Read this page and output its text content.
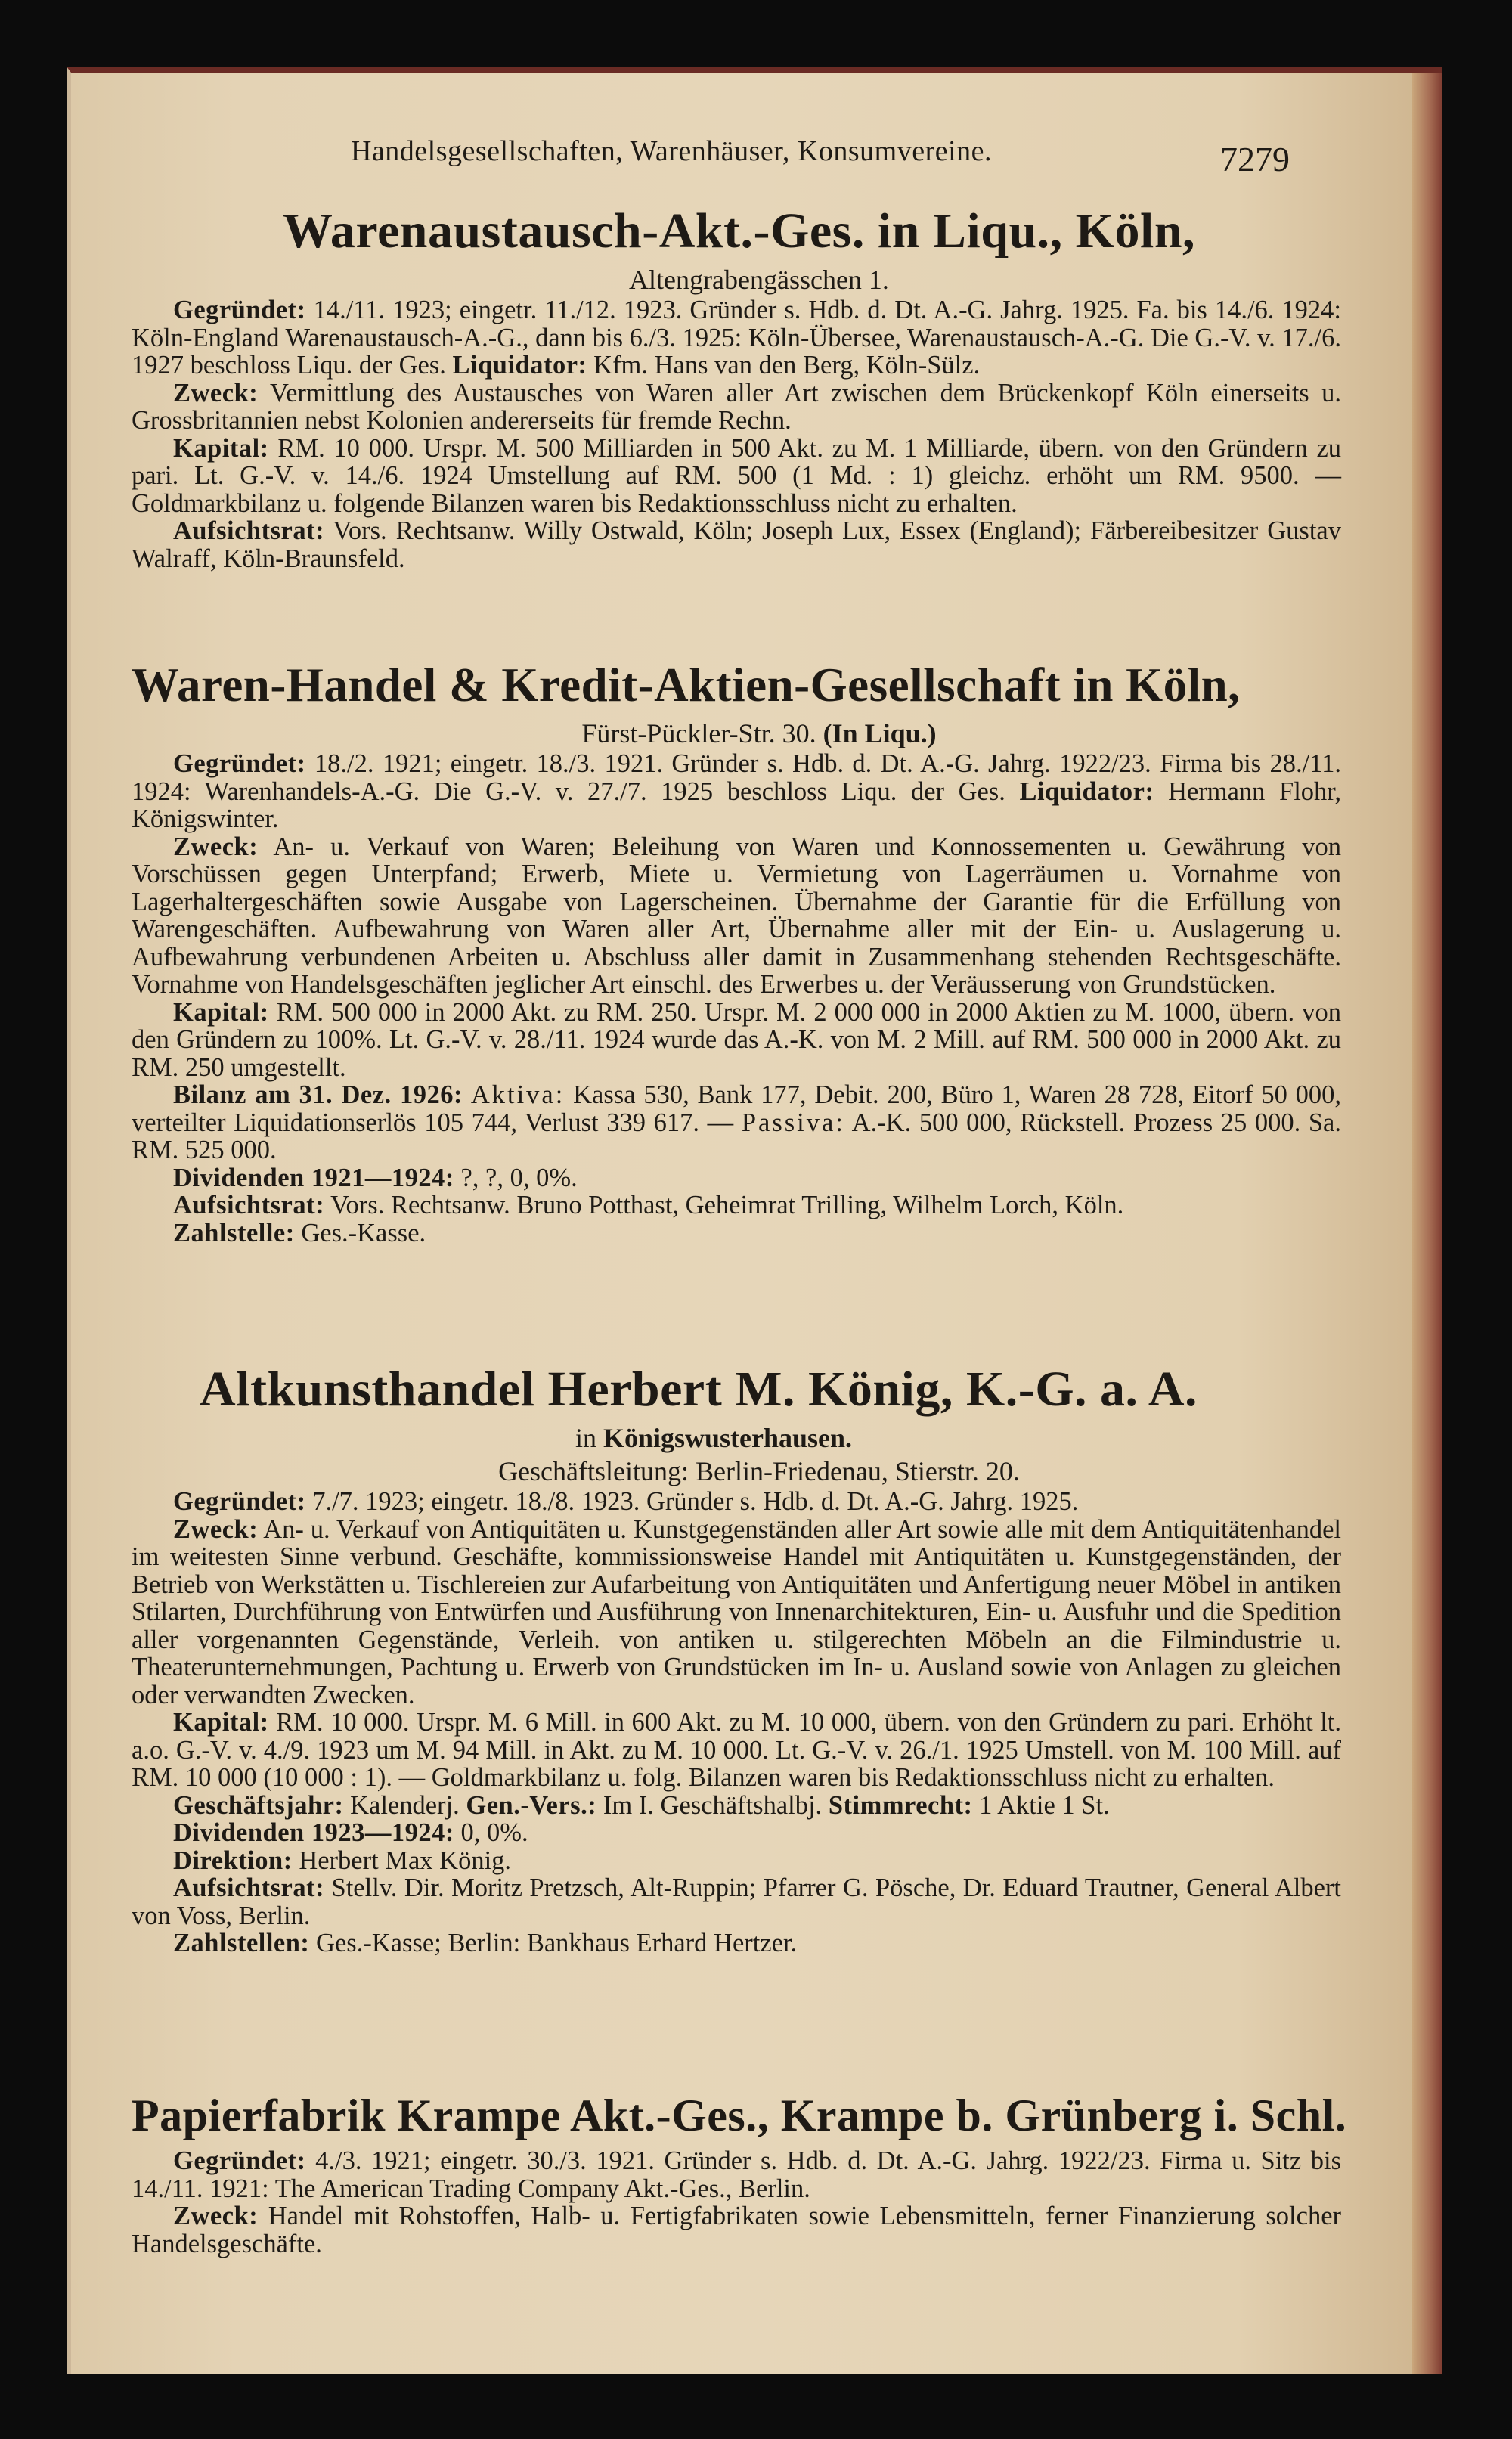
Handelsgesellschaften, Warenhäuser, Konsumvereine.	7279
Warenaustausch-Akt.-Ges. in Liqu., Köln,
Altengrabengässchen 1.

Gegründet: 14./11. 1923; eingetr. 11./12. 1923. Gründer s. Hdb. d. Dt. A.-G. Jahrg. 1925. Fa. bis 14./6. 1924: Köln-England Warenaustausch-A.-G., dann bis 6./3. 1925: Köln-Übersee, Warenaustausch-A.-G. Die G.-V. v. 17./6. 1927 beschloss Liqu. der Ges. Liquidator: Kfm. Hans van den Berg, Köln-Sülz.

Zweck: Vermittlung des Austausches von Waren aller Art zwischen dem Brückenkopf Köln einerseits u. Grossbritannien nebst Kolonien andererseits für fremde Rechn.

Kapital: RM. 10 000. Urspr. M. 500 Milliarden in 500 Akt. zu M. 1 Milliarde, übern. von den Gründern zu pari. Lt. G.-V. v. 14./6. 1924 Umstellung auf RM. 500 (1 Md. : 1) gleichz. erhöht um RM. 9500. — Goldmarkbilanz u. folgende Bilanzen waren bis Redaktionsschluss nicht zu erhalten.

Aufsichtsrat: Vors. Rechtsanw. Willy Ostwald, Köln; Joseph Lux, Essex (England); Färbereibesitzer Gustav Walraff, Köln-Braunsfeld.

Waren-Handel & Kredit-Aktien-Gesellschaft in Köln,
Fürst-Pückler-Str. 30. (In Liqu.)

Gegründet: 18./2. 1921; eingetr. 18./3. 1921. Gründer s. Hdb. d. Dt. A.-G. Jahrg. 1922/23. Firma bis 28./11. 1924: Warenhandels-A.-G. Die G.-V. v. 27./7. 1925 beschloss Liqu. der Ges. Liquidator: Hermann Flohr, Königswinter.

Zweck: An- u. Verkauf von Waren; Beleihung von Waren und Konnossementen u. Gewährung von Vorschüssen gegen Unterpfand; Erwerb, Miete u. Vermietung von Lagerräumen u. Vornahme von Lagerhaltergeschäften sowie Ausgabe von Lagerscheinen. Übernahme der Garantie für die Erfüllung von Warengeschäften. Aufbewahrung von Waren aller Art, Übernahme aller mit der Ein- u. Auslagerung u. Aufbewahrung verbundenen Arbeiten u. Abschluss aller damit in Zusammenhang stehenden Rechtsgeschäfte. Vornahme von Handelsgeschäften jeglicher Art einschl. des Erwerbes u. der Veräusserung von Grundstücken.

Kapital: RM. 500 000 in 2000 Akt. zu RM. 250. Urspr. M. 2 000 000 in 2000 Aktien zu M. 1000, übern. von den Gründern zu 100%. Lt. G.-V. v. 28./11. 1924 wurde das A.-K. von M. 2 Mill. auf RM. 500 000 in 2000 Akt. zu RM. 250 umgestellt.

Bilanz am 31. Dez. 1926: Aktiva: Kassa 530, Bank 177, Debit. 200, Büro 1, Waren 28 728, Eitorf 50 000, verteilter Liquidationserlös 105 744, Verlust 339 617. — Passiva: A.-K. 500 000, Rückstell. Prozess 25 000. Sa. RM. 525 000.

Dividenden 1921—1924: ?, ?, 0, 0%.

Aufsichtsrat: Vors. Rechtsanw. Bruno Potthast, Geheimrat Trilling, Wilhelm Lorch, Köln.

Zahlstelle: Ges.-Kasse.

Altkunsthandel Herbert M. König, K.-G. a. A.
in Königswusterhausen.
Geschäftsleitung: Berlin-Friedenau, Stierstr. 20.

Gegründet: 7./7. 1923; eingetr. 18./8. 1923. Gründer s. Hdb. d. Dt. A.-G. Jahrg. 1925.

Zweck: An- u. Verkauf von Antiquitäten u. Kunstgegenständen aller Art sowie alle mit dem Antiquitätenhandel im weitesten Sinne verbund. Geschäfte, kommissionsweise Handel mit Antiquitäten u. Kunstgegenständen, der Betrieb von Werkstätten u. Tischlereien zur Aufarbeitung von Antiquitäten und Anfertigung neuer Möbel in antiken Stilarten, Durchführung von Entwürfen und Ausführung von Innenarchitekturen, Ein- u. Ausfuhr und die Spedition aller vorgenannten Gegenstände, Verleih. von antiken u. stilgerechten Möbeln an die Filmindustrie u. Theaterunternehmungen, Pachtung u. Erwerb von Grundstücken im In- u. Ausland sowie von Anlagen zu gleichen oder verwandten Zwecken.

Kapital: RM. 10 000. Urspr. M. 6 Mill. in 600 Akt. zu M. 10 000, übern. von den Gründern zu pari. Erhöht lt. a.o. G.-V. v. 4./9. 1923 um M. 94 Mill. in Akt. zu M. 10 000. Lt. G.-V. v. 26./1. 1925 Umstell. von M. 100 Mill. auf RM. 10 000 (10 000 : 1). — Goldmarkbilanz u. folg. Bilanzen waren bis Redaktionsschluss nicht zu erhalten.

Geschäftsjahr: Kalenderj. Gen.-Vers.: Im I. Geschäftshalbj. Stimmrecht: 1 Aktie 1 St.

Dividenden 1923—1924: 0, 0%.

Direktion: Herbert Max König.

Aufsichtsrat: Stellv. Dir. Moritz Pretzsch, Alt-Ruppin; Pfarrer G. Pösche, Dr. Eduard Trautner, General Albert von Voss, Berlin.

Zahlstellen: Ges.-Kasse; Berlin: Bankhaus Erhard Hertzer.

Papierfabrik Krampe Akt.-Ges., Krampe b. Grünberg i. Schl.

Gegründet: 4./3. 1921; eingetr. 30./3. 1921. Gründer s. Hdb. d. Dt. A.-G. Jahrg. 1922/23. Firma u. Sitz bis 14./11. 1921: The American Trading Company Akt.-Ges., Berlin.

Zweck: Handel mit Rohstoffen, Halb- u. Fertigfabrikaten sowie Lebensmitteln, ferner Finanzierung solcher Handelsgeschäfte.
